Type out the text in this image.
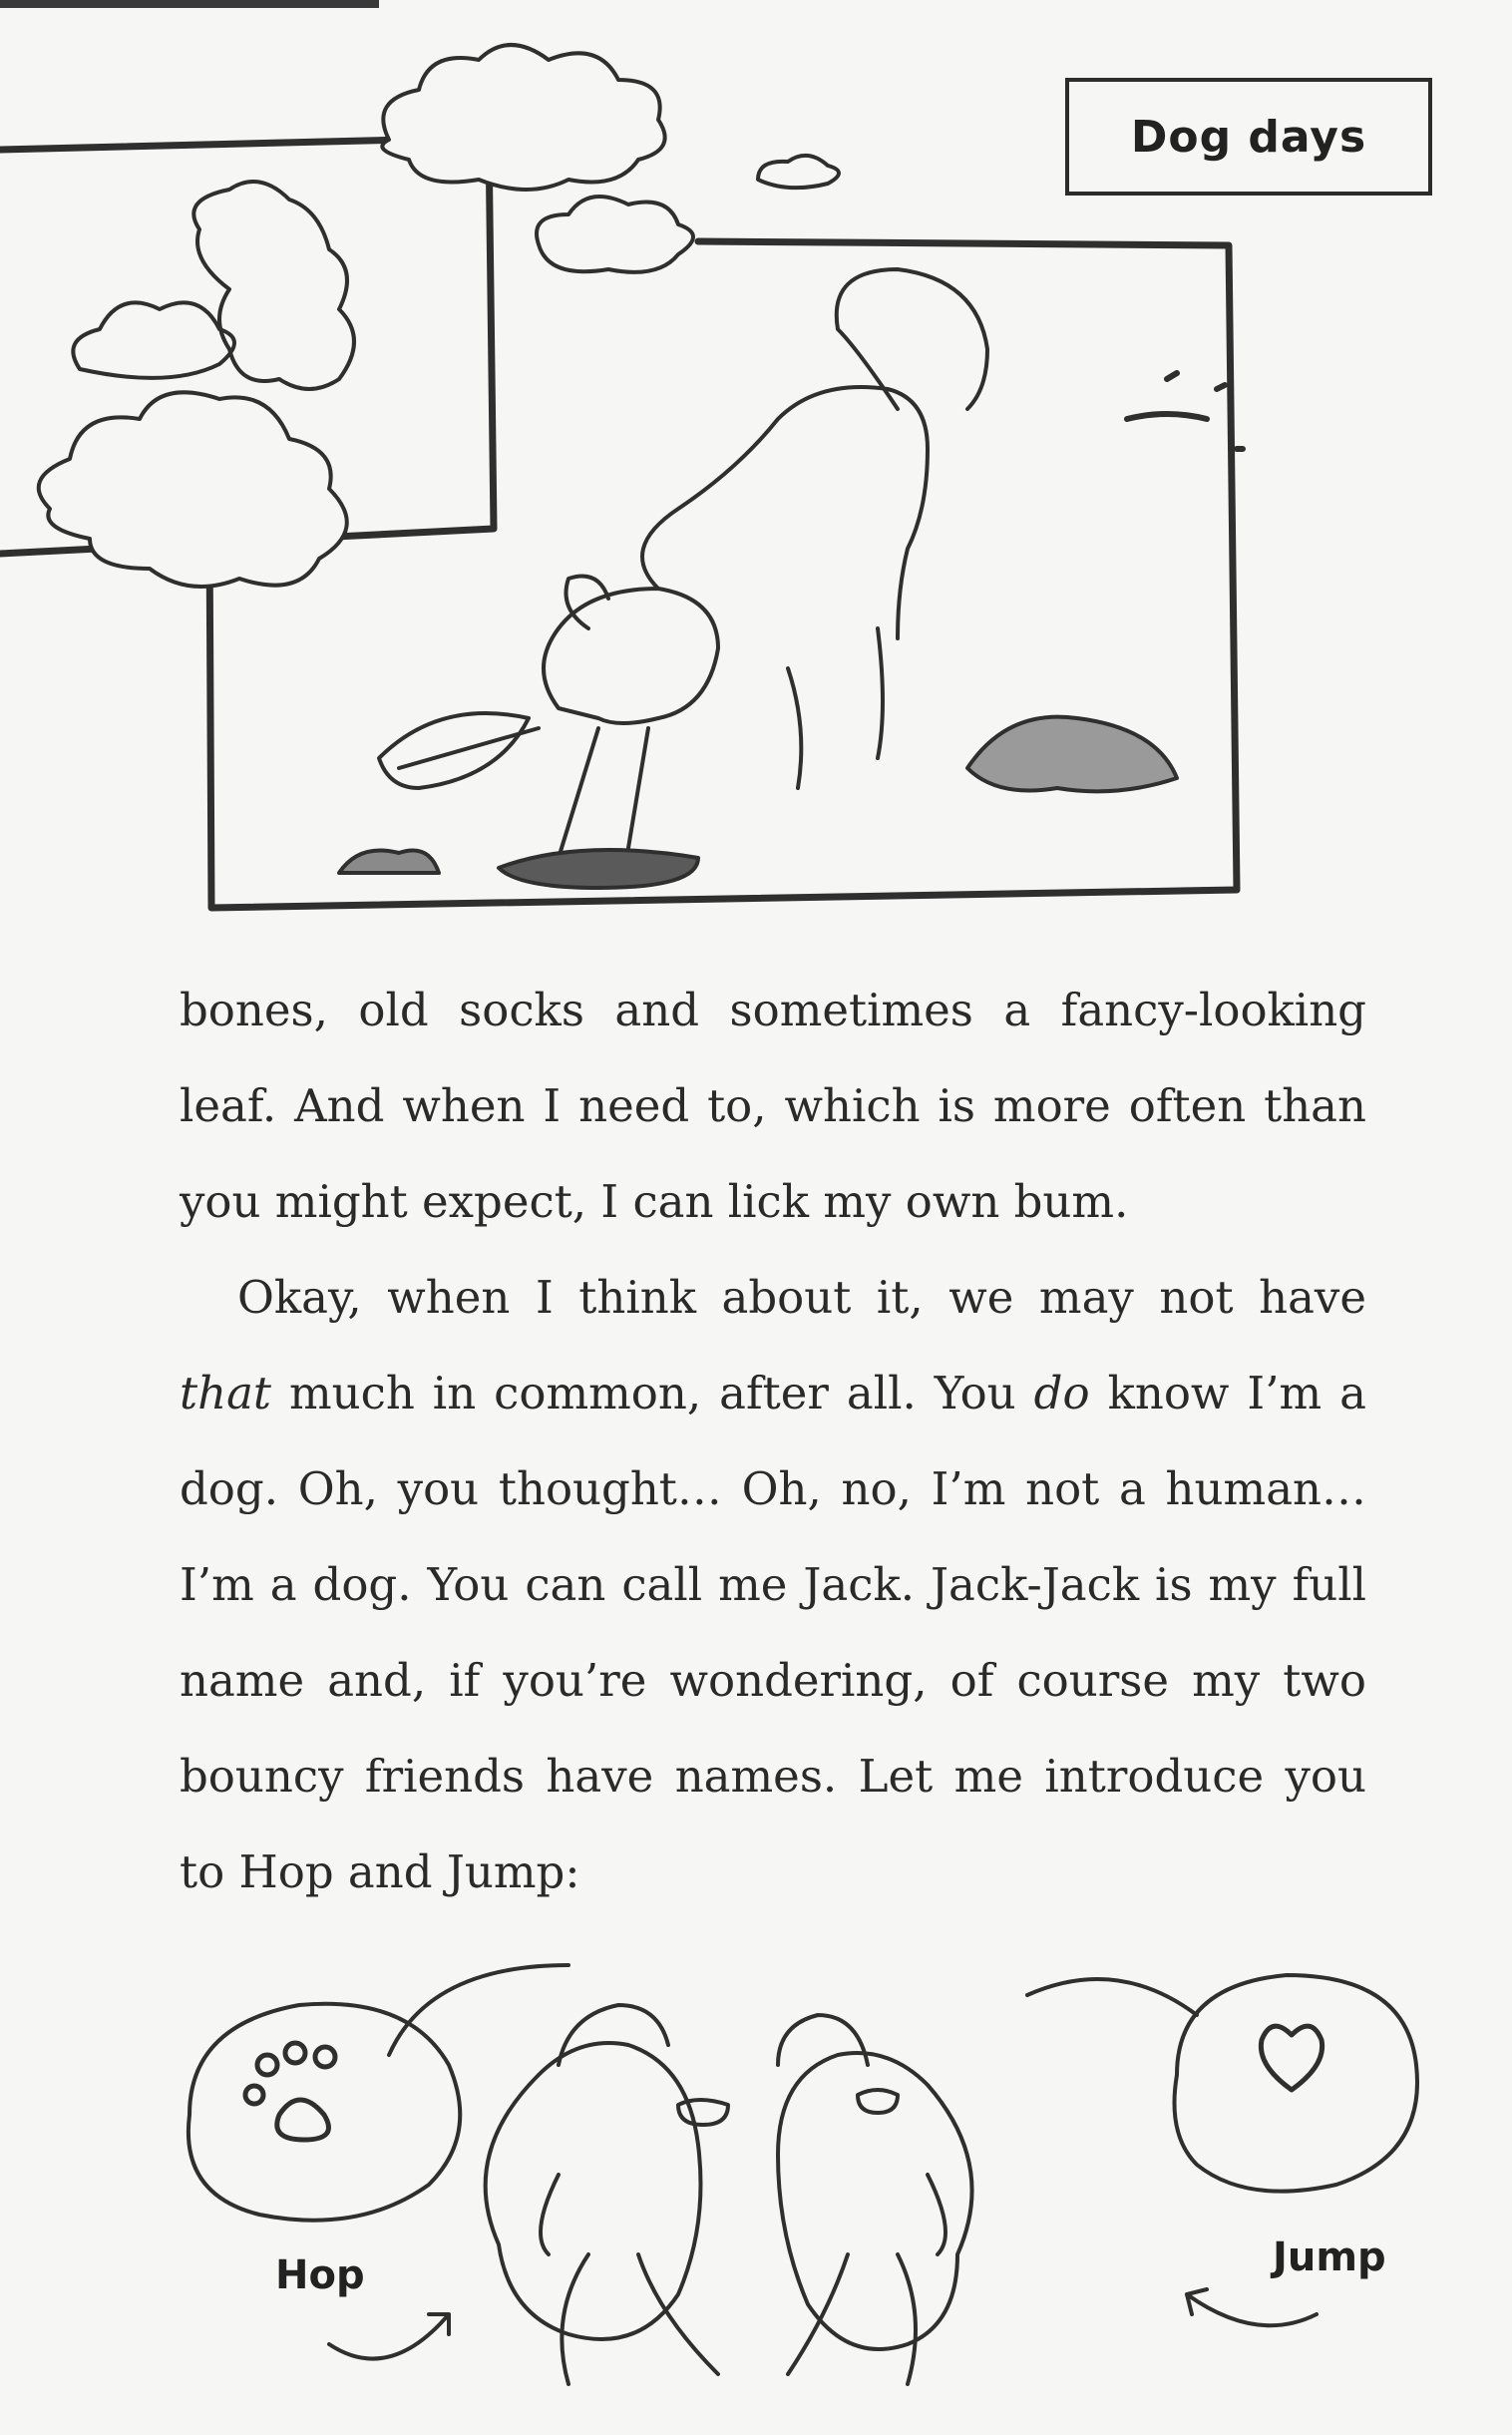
Dog days

bones, old socks and sometimes a fancy-looking leaf. And when I need to, which is more often than you might expect, I can lick my own bum.

Okay, when I think about it, we may not have that much in common, after all. You do know I’m a dog. Oh, you thought… Oh, no, I’m not a human… I’m a dog. You can call me Jack. Jack-Jack is my full name and, if you’re wondering, of course my two bouncy friends have names. Let me introduce you to Hop and Jump:

Hop	Jump
